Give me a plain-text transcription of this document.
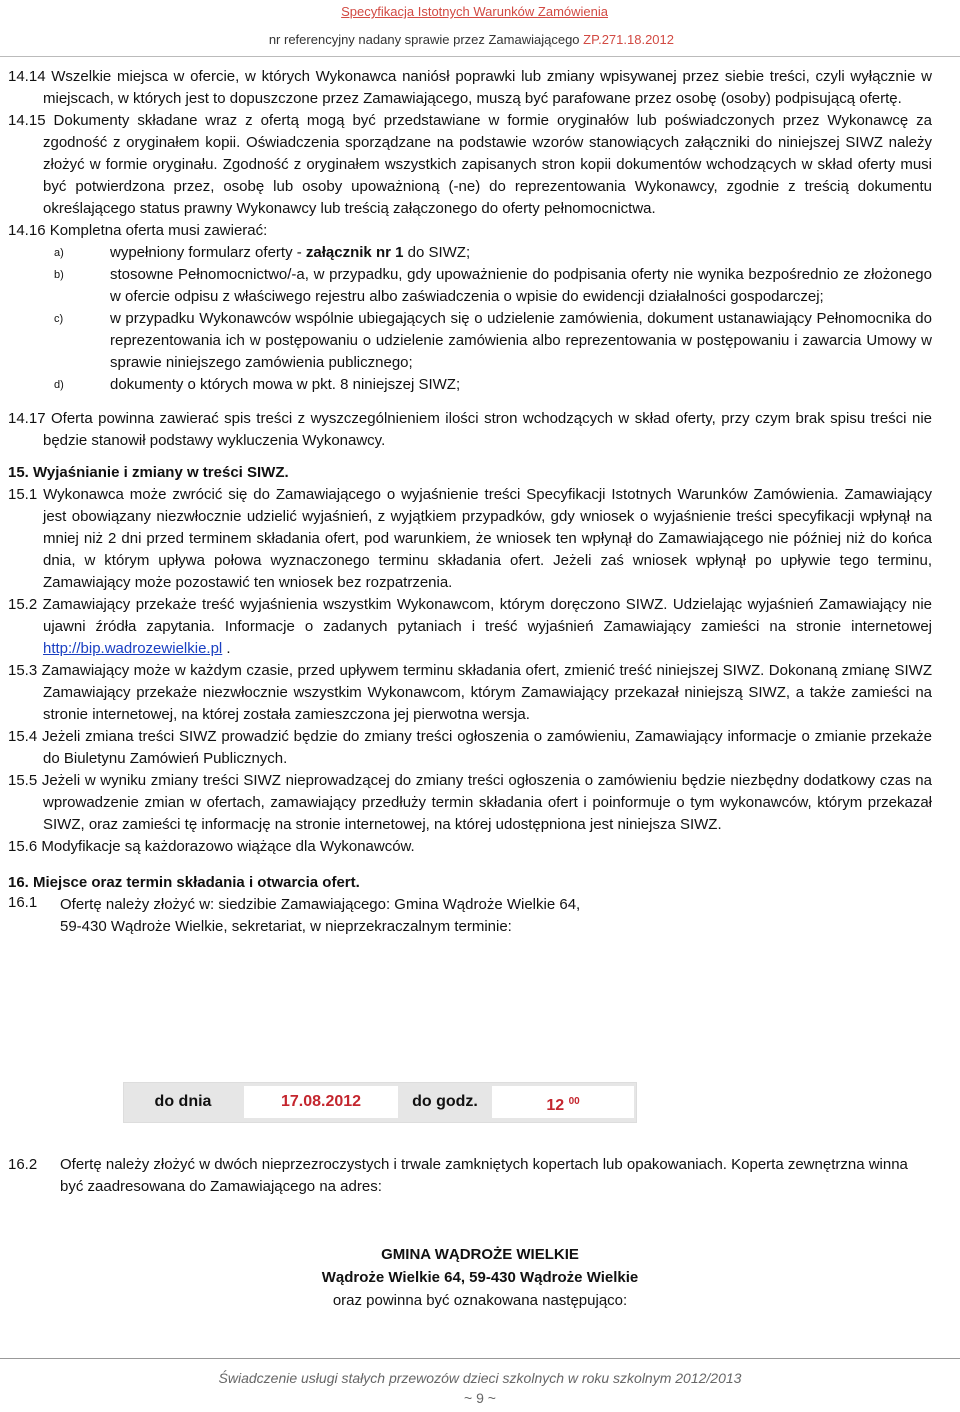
Specyfikacja Istotnych Warunków Zamówienia
nr referencyjny nadany sprawie przez Zamawiającego ZP.271.18.2012

14.14 Wszelkie miejsca w ofercie, w których Wykonawca naniósł poprawki lub zmiany wpisywanej przez siebie treści, czyli wyłącznie w miejscach, w których jest to dopuszczone przez Zamawiającego, muszą być parafowane przez osobę (osoby) podpisującą ofertę.

14.15 Dokumenty składane wraz z ofertą mogą być przedstawiane w formie oryginałów lub poświadczonych przez Wykonawcę za zgodność z oryginałem kopii. Oświadczenia sporządzane na podstawie wzorów stanowiących załączniki do niniejszej SIWZ należy złożyć w formie oryginału. Zgodność z oryginałem wszystkich zapisanych stron kopii dokumentów wchodzących w skład oferty musi być potwierdzona przez, osobę lub osoby upoważnioną (-ne) do reprezentowania Wykonawcy, zgodnie z treścią dokumentu określającego status prawny Wykonawcy lub treścią załączonego do oferty pełnomocnictwa.

14.16 Kompletna oferta musi zawierać:

a)	wypełniony formularz oferty - załącznik nr 1 do SIWZ;
b)	stosowne Pełnomocnictwo/-a, w przypadku, gdy upoważnienie do podpisania oferty nie wynika bezpośrednio ze złożonego w ofercie odpisu z właściwego rejestru albo zaświadczenia o wpisie do ewidencji działalności gospodarczej;
c)	w przypadku Wykonawców wspólnie ubiegających się o udzielenie zamówienia, dokument ustanawiający Pełnomocnika do reprezentowania ich w postępowaniu o udzielenie zamówienia albo reprezentowania w postępowaniu i zawarcia Umowy w sprawie niniejszego zamówienia publicznego;
d)	dokumenty o których mowa w pkt. 8 niniejszej SIWZ;

14.17 Oferta powinna zawierać spis treści z wyszczególnieniem ilości stron wchodzących w skład oferty, przy czym brak spisu treści nie będzie stanowił podstawy wykluczenia Wykonawcy.

15. Wyjaśnianie i zmiany w treści SIWZ.

15.1 Wykonawca może zwrócić się do Zamawiającego o wyjaśnienie treści Specyfikacji Istotnych Warunków Zamówienia. Zamawiający jest obowiązany niezwłocznie udzielić wyjaśnień, z wyjątkiem przypadków, gdy wniosek o wyjaśnienie treści specyfikacji wpłynął na mniej niż 2 dni przed terminem składania ofert, pod warunkiem, że wniosek ten wpłynął do Zamawiającego nie później niż do końca dnia, w którym upływa połowa wyznaczonego terminu składania ofert. Jeżeli zaś wniosek wpłynął po upływie tego terminu, Zamawiający może pozostawić ten wniosek bez rozpatrzenia.

15.2 Zamawiający przekaże treść wyjaśnienia wszystkim Wykonawcom, którym doręczono SIWZ. Udzielając wyjaśnień Zamawiający nie ujawni źródła zapytania. Informacje o zadanych pytaniach i treść wyjaśnień Zamawiający zamieści na stronie internetowej http://bip.wadrozewielkie.pl .

15.3 Zamawiający może w każdym czasie, przed upływem terminu składania ofert, zmienić treść niniejszej SIWZ. Dokonaną zmianę SIWZ Zamawiający przekaże niezwłocznie wszystkim Wykonawcom, którym Zamawiający przekazał niniejszą SIWZ, a także zamieści na stronie internetowej, na której została zamieszczona jej pierwotna wersja.

15.4 Jeżeli zmiana treści SIWZ prowadzić będzie do zmiany treści ogłoszenia o zamówieniu, Zamawiający informacje o zmianie przekaże do Biuletynu Zamówień Publicznych.

15.5 Jeżeli w wyniku zmiany treści SIWZ nieprowadzącej do zmiany treści ogłoszenia o zamówieniu będzie niezbędny dodatkowy czas na wprowadzenie zmian w ofertach, zamawiający przedłuży termin składania ofert i poinformuje o tym wykonawców, którym przekazał SIWZ, oraz zamieści tę informację na stronie internetowej, na której udostępniona jest niniejsza SIWZ.

15.6 Modyfikacje są każdorazowo wiążące dla Wykonawców.

16. Miejsce oraz termin składania i otwarcia ofert.

16.1	Ofertę należy złożyć w: siedzibie Zamawiającego: Gmina Wądroże Wielkie 64,

59-430 Wądroże Wielkie, sekretariat, w nieprzekraczalnym terminie:

do dnia	17.08.2012	do godz.	12 $^{00}$
16.2	Ofertę należy złożyć w dwóch nieprzezroczystych i trwale zamkniętych kopertach lub opakowaniach. Koperta zewnętrzna winna być zaadresowana do Zamawiającego na adres:

GMINA WĄDROŻE WIELKIE
Wądroże Wielkie 64, 59-430 Wądroże Wielkie
oraz powinna być oznakowana następująco:
Świadczenie usługi stałych przewozów dzieci szkolnych w roku szkolnym 2012/2013
~ 9 ~
